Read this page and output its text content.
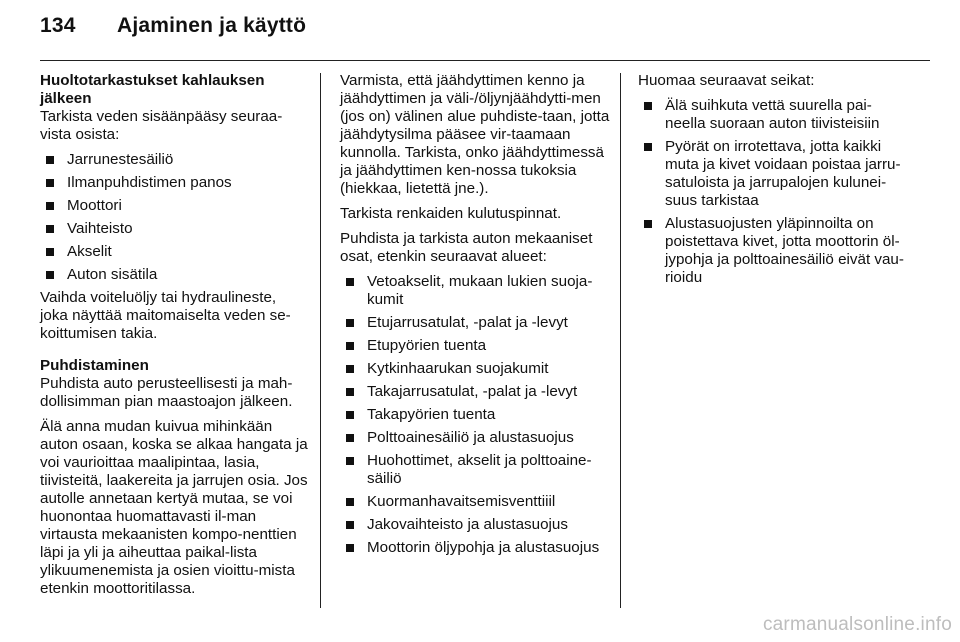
134 Ajaminen ja käyttö
Huoltotarkastukset kahlauksen jälkeen
Tarkista veden sisäänpääsy seuraa-vista osista:
Jarrunestesäiliö
Ilmanpuhdistimen panos
Moottori
Vaihteisto
Akselit
Auton sisätila
Vaihda voiteluöljy tai hydraulineste, joka näyttää maitomaiselta veden se-koittumisen takia.
Puhdistaminen
Puhdista auto perusteellisesti ja mah-dollisimman pian maastoajon jälkeen.
Älä anna mudan kuivua mihinkään auton osaan, koska se alkaa hangata ja voi vaurioittaa maalipintaa, lasia, tiivisteitä, laakereita ja jarrujen osia. Jos autolle annetaan kertyä mutaa, se voi huonontaa huomattavasti il-man virtausta mekaanisten kompo-nenttien läpi ja yli ja aiheuttaa paikal-lista ylikuumenemista ja osien vioittu-mista etenkin moottoritilassa.
Varmista, että jäähdyttimen kenno ja jäähdyttimen ja väli-/öljynjäähdytti-men (jos on) välinen alue puhdiste-taan, jotta jäähdytysilma pääsee vir-taamaan kunnolla. Tarkista, onko jäähdyttimessä ja jäähdyttimen ken-nossa tukoksia (hiekkaa, lietettä jne.).
Tarkista renkaiden kulutuspinnat.
Puhdista ja tarkista auton mekaaniset osat, etenkin seuraavat alueet:
Vetoakselit, mukaan lukien suoja-kumit
Etujarrusatulat, -palat ja -levyt
Etupyörien tuenta
Kytkinhaarukan suojakumit
Takajarrusatulat, -palat ja -levyt
Takapyörien tuenta
Polttoainesäiliö ja alustasuojus
Huohottimet, akselit ja polttoaine-säiliö
Kuormanhavaitsemisventtiiil
Jakovaihteisto ja alustasuojus
Moottorin öljypohja ja alustasuojus
Huomaa seuraavat seikat:
Älä suihkuta vettä suurella pai-neella suoraan auton tiivisteisiin
Pyörät on irrotettava, jotta kaikki muta ja kivet voidaan poistaa jarru-satuloista ja jarrupalojen kulunei-suus tarkistaa
Alustasuojusten yläpinnoilta on poistettava kivet, jotta moottorin öl-jypohja ja polttoainesäiliö eivät vau-rioidu
carmanualsonline.info
